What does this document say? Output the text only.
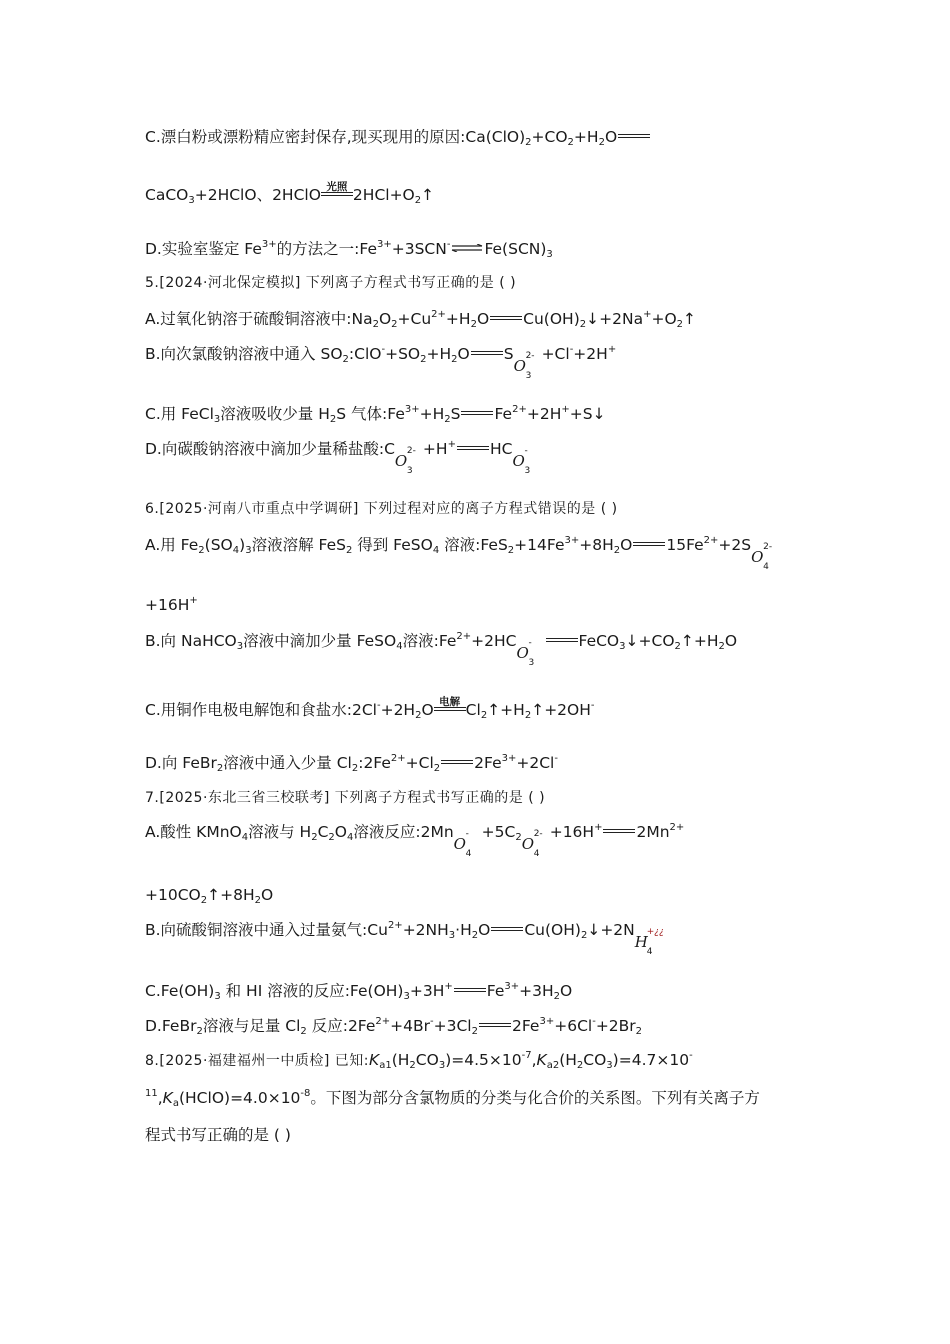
C.漂白粉或漂粉精应密封保存,现买现用的原因$:Ca(ClO)_2+CO_2+H_2O$
CaCO$_3$+2HClO、2HClO 光照 $2HCl+O_2↑$
D.实验室鉴定 $Fe^{3+}$的方法之一$:Fe^{3+}+3SCN^-\rightleftharpoons Fe(SCN)_3$
5.[2024·河北保定模拟] 下列离子方程式书写正确的是 ( )
A.过氧化钠溶于硫酸铜溶液中$:Na_2O_2+Cu^{2+}+H_2O$ $Cu(OH)_2↓+2Na^++O_2↑$
B.向次氯酸钠溶液中通入 $SO_2:ClO^-+SO_2+H_2O$ S
O
3
2- +Cl-+2H+
C.用 FeCl$_3$溶液吸收少量 $H_2S$ 气体$:Fe^{3+}+H_2S$ $Fe^{2+}+2H^++S↓$
D.向碳酸钠溶液中滴加少量稀盐酸:C
O
3
2- +H+ HC
O
3
-
6.[2025·河南八市重点中学调研] 下列过程对应的离子方程式错误的是 ( )
A.用 $Fe_2(SO_4)_3$溶液溶解 FeS$_2$ 得到 FeSO$_4$ 溶液$:FeS_2+14Fe^{3+}+8H_2O$ $15Fe^{2+}+2S$
O
4
2-
+16H+
B.向 NaHCO$_3$溶液中滴加少量 FeSO$_4$溶液$:Fe^{2+}+2HC$
O
3
-	$FeCO_3↓+CO_2↑+H_2O$
C.用铜作电极电解饱和食盐水$:2Cl^-+2H_2O$ 电解 $Cl_2↑+H_2↑+2OH^-$
D.向 FeBr$_2$溶液中通入少量 $Cl_2:2Fe^{2+}+Cl_2$ $2Fe^{3+}+2Cl^-$
7.[2025·东北三省三校联考] 下列离子方程式书写正确的是 ( )
A.酸性 KMnO$_4$溶液与 $H_2C_2O_4$溶液反应:2Mn
O
4
- $+5C_2$ O
4
2- +16H+ $2Mn^{2+}$
$+10CO_2↑+8H_2O$
B.向硫酸铜溶液中通入过量氨气$:Cu^{2+}+2NH_3\cdot H_2O$ $Cu(OH)_2↓+2N$
H
4
+¿¿
$C.Fe(OH)_3$ 和 HI 溶液的反应$:Fe(OH)_3+3H^+$ $Fe^{3+}+3H_2O$
D.FeBr$_2$溶液与足量 $Cl_2$ 反应$:2Fe^{2+}+4Br^-+3Cl_2$ $2Fe^{3+}+6Cl^-+2Br_2$
8.[2025·福建福州一中质检] 已知$:K_{a1}(H_2CO_3)=4.5\times 10^{-7},K_{a2}(H_2CO_3)=4.7\times 10^-$
$^{11},K_a(HClO)=4.0\times 10^{-8}$。下图为部分含氯物质的分类与化合价的关系图。下列有关离子方
程式书写正确的是 ( )
